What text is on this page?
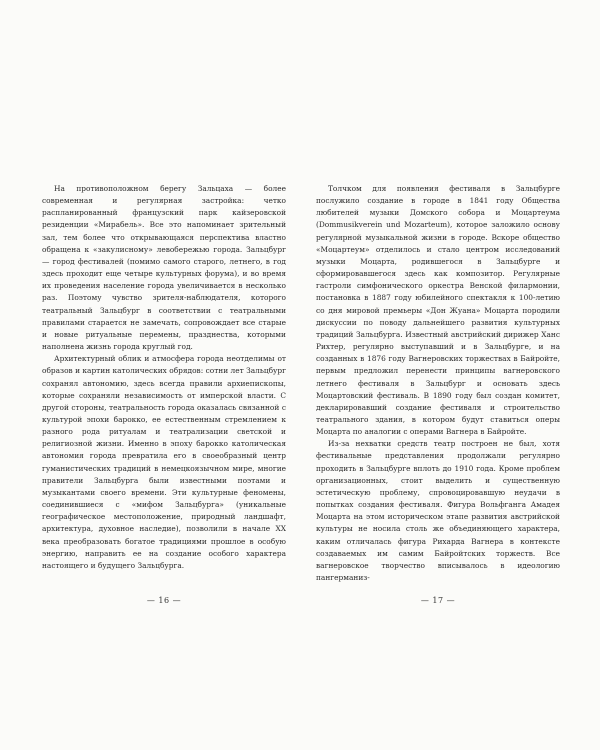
На противоположном берегу Зальцаха — более современная и регулярная застройка: четко распланированный французский парк кайзеровской резиденции «Мирабель». Все это напоминает зрительный зал, тем более что открывающаяся перспектива властно обращена к «закулисному» левобережью города. Зальцбург — город фестивалей (помимо самого старого, летнего, в год здесь проходит еще четыре культурных форума), и во время их проведения население города увеличивается в несколько раз. Поэтому чувство зрителя-наблюдателя, которого театральный Зальцбург в соответствии с театральными правилами старается не замечать, сопровождает все старые и новые ритуальные перемены, празднества, которыми наполнена жизнь города круглый год.

Архитектурный облик и атмосфера города неотделимы от образов и картин католических обрядов: сотни лет Зальцбург сохранял автономию, здесь всегда правили архиепископы, которые сохраняли независимость от имперской власти. С другой стороны, театральность города оказалась связанной с культурой эпохи барокко, ее естественным стремлением к разного рода ритуалам и театрализации светской и религиозной жизни. Именно в эпоху барокко католическая автономия города превратила его в своеобразный центр гуманистических традиций в немецкоязычном мире, многие правители Зальцбурга были известными поэтами и музыкантами своего времени. Эти культурные феномены, соединившиеся с «мифом Зальцбурга» (уникальные географическое местоположение, природный ландшафт, архитектура, духовное наследие), позволили в начале XX века преобразовать богатое традициями прошлое в особую энергию, направить ее на создание особого характера настоящего и будущего Зальцбурга.

— 16 —

Толчком для появления фестиваля в Зальцбурге послужило создание в городе в 1841 году Общества любителей музыки Домского собора и Моцартеума (Dommusikverein und Mozarteum), которое заложило основу регулярной музыкальной жизни в городе. Вскоре общество «Моцартеум» отделилось и стало центром исследований музыки Моцарта, родившегося в Зальцбурге и сформировавшегося здесь как композитор. Регулярные гастроли симфонического оркестра Венской филармонии, постановка в 1887 году юбилейного спектакля к 100-летию со дня мировой премьеры «Дон Жуана» Моцарта породили дискуссии по поводу дальнейшего развития культурных традиций Зальцбурга. Известный австрийский дирижер Ханс Рихтер, регулярно выступавший и в Зальцбурге, и на созданных в 1876 году Вагнеровских торжествах в Байройте, первым предложил перенести принципы вагнеровского летнего фестиваля в Зальцбург и основать здесь Моцартовский фестиваль. В 1890 году был создан комитет, декларировавший создание фестиваля и строительство театрального здания, в котором будут ставиться оперы Моцарта по аналогии с операми Вагнера в Байройте.

Из-за нехватки средств театр построен не был, хотя фестивальные представления продолжали регулярно проходить в Зальцбурге вплоть до 1910 года. Кроме проблем организационных, стоит выделить и существенную эстетическую проблему, спровоцировавшую неудачи в попытках создания фестиваля. Фигура Вольфганга Амадея Моцарта на этом историческом этапе развития австрийской культуры не носила столь же объединяющего характера, каким отличалась фигура Рихарда Вагнера в контексте создаваемых им самим Байройтских торжеств. Все вагнеровское творчество вписывалось в идеологию пангерманиз-

— 17 —
